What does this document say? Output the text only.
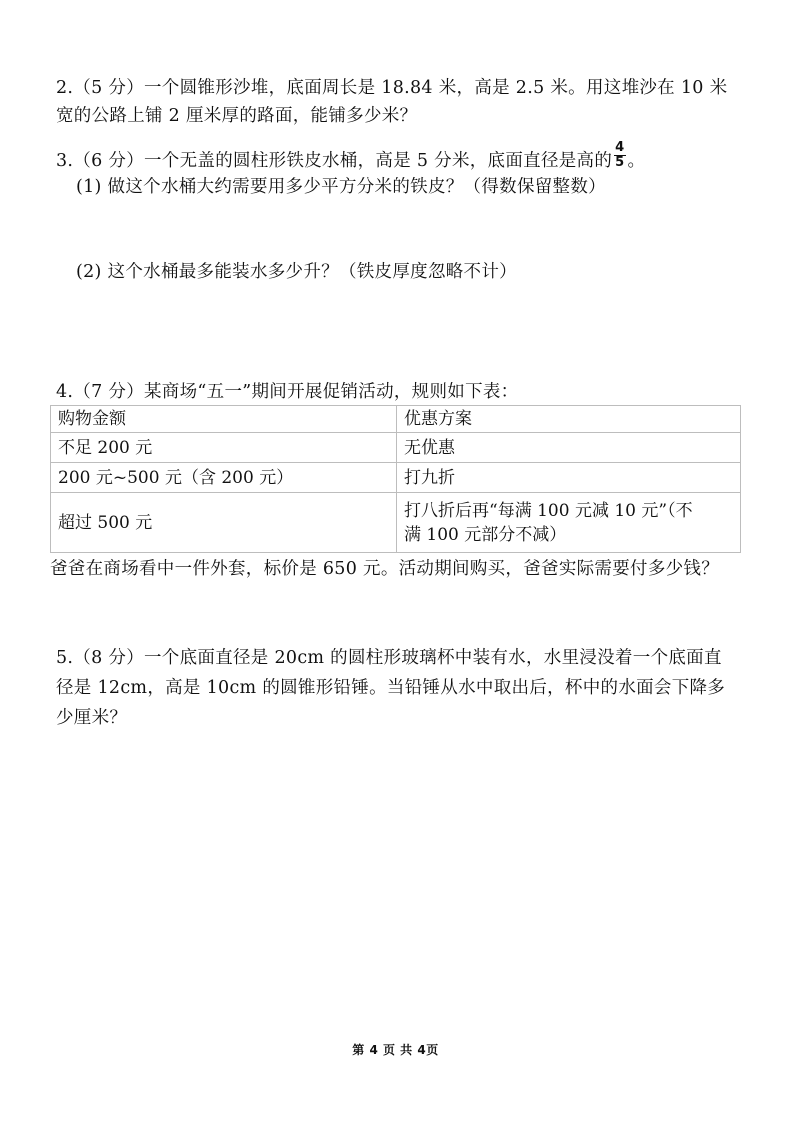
2.（5 分）一个圆锥形沙堆，底面周长是 18.84 米，高是 2.5 米。用这堆沙在 10 米
宽的公路上铺 2 厘米厚的路面，能铺多少米？
3.（6 分）一个无盖的圆柱形铁皮水桶，高是 5 分米，底面直径是高的 $\frac{4}{5}$ 。
(1) 做这个水桶大约需要用多少平方分米的铁皮？（得数保留整数）
(2) 这个水桶最多能装水多少升？（铁皮厚度忽略不计）
4.（7 分）某商场“五一”期间开展促销活动，规则如下表：
购物金额	优惠方案
不足 200 元	无优惠
200 元~500 元（含 200 元）	打九折
超过 500 元	打八折后再“每满 100 元减 10 元”（不
满 100 元部分不减）
爸爸在商场看中一件外套，标价是 650 元。活动期间购买，爸爸实际需要付多少钱？
5.（8 分）一个底面直径是 20cm 的圆柱形玻璃杯中装有水，水里浸没着一个底面直
径是 12cm，高是 10cm 的圆锥形铅锤。当铅锤从水中取出后，杯中的水面会下降多
少厘米？
第 4 页 共 4页
